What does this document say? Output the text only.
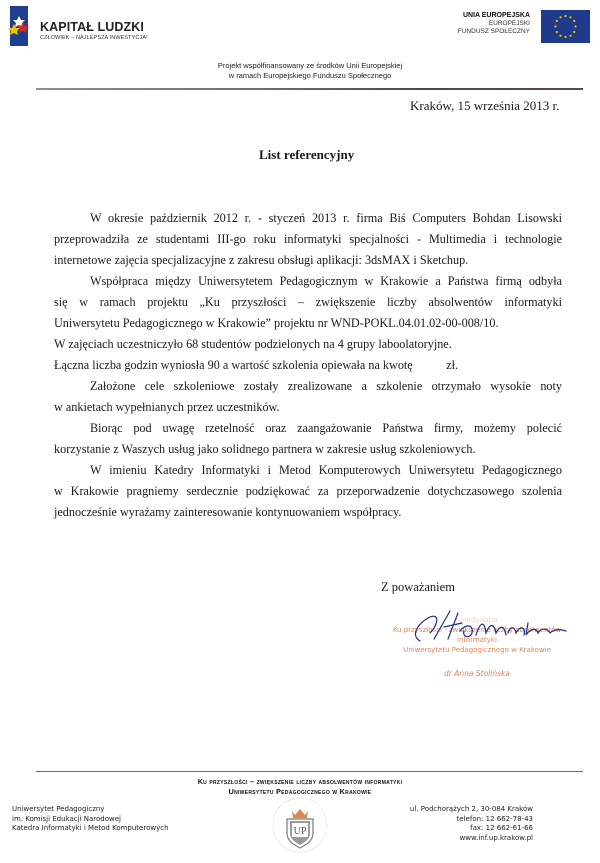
KAPITAŁ LUDZKI
CZŁOWIEK – NAJLEPSZA INWESTYCJA!
UNIA EUROPEJSKA
EUROPEJSKI
FUNDUSZ SPOŁECZNY
Projekt współfinansowany ze środków Unii Europejskiej
w ramach Europejskiego Funduszu Społecznego
Kraków, 15 września 2013 r.
List referencyjny
W okresie październik 2012 r. - styczeń 2013 r. firma Biś Computers Bohdan Lisowski
przeprowadziła ze studentami III-go roku informatyki specjalności - Multimedia i technologie
internetowe zajęcia specjalizacyjne z zakresu obsługi aplikacji: 3dsMAX i Sketchup.
Współpraca między Uniwersytetem Pedagogicznym w Krakowie a Państwa firmą odbyła
się w ramach projektu „Ku przyszłości – zwiększenie liczby absolwentów informatyki
Uniwersytetu Pedagogicznego w Krakowie” projektu nr WND-POKL.04.01.02-00-008/10.
W zajęciach uczestniczyło 68 studentów podzielonych na 4 grupy laboolatoryjne.
Łączna liczba godzin wyniosła 90 a wartość szkolenia opiewała na kwotę           zł.
Założone cele szkoleniowe zostały zrealizowane a szkolenie otrzymało wysokie noty
w ankietach wypełnianych przez uczestników.
Biorąc pod uwagę rzetelność oraz zaangażowanie Państwa firmy, możemy polecić
korzystanie z Waszych usług jako solidnego partnera w zakresie usług szkoleniowych.
W imieniu Katedry Informatyki i Metod Komputerowych Uniwersytetu Pedagogicznego
w Krakowie pragniemy serdecznie podziękować za przeporwadzenie dotychczasowego szolenia
jednocześnie wyrażamy zainteresowanie kontynuowaniem współpracy.
Z poważaniem
Koordynator
Ku przyszłości - zwiększenie liczby absolwentów
informatyki
Uniwersytetu Pedagogicznego w Krakowie
dr Anna Stolińska
Ku przyszłości – zwiększenie liczby absolwentów informatyki
Uniwersytetu Pedagogicznego w Krakowie
Uniwersytet Pedagogiczny
im. Komisji Edukacji Narodowej
Katedra Informatyki i Metod Komputerowych	UP
ul. Podchorążych 2, 30-084 Kraków
telefon: 12 662-78-43
fax: 12 662-61-66
www.inf.up.krakow.pl
